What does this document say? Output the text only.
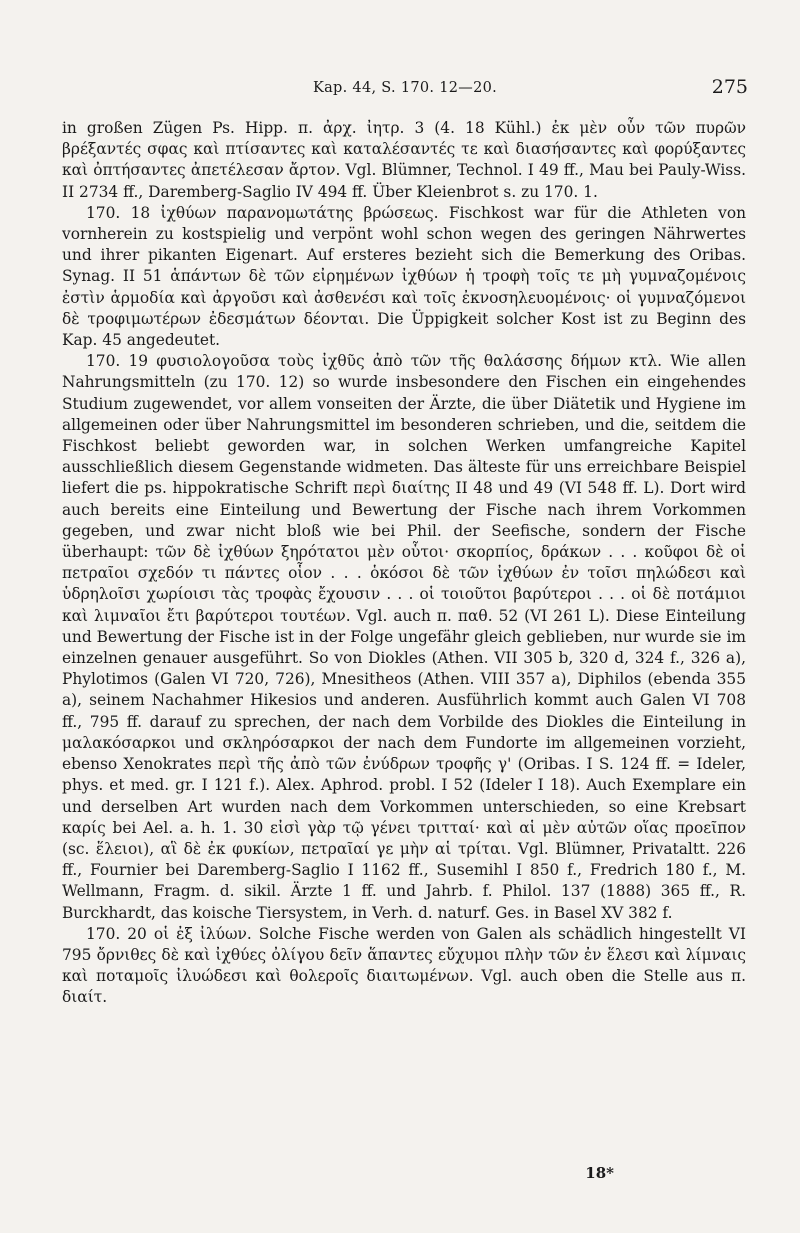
Kap. 44, S. 170. 12—20.	275

in großen Zügen Ps. Hipp. π. ἀρχ. ἰητρ. 3 (4. 18 Kühl.) ἐκ μὲν οὖν τῶν πυρῶν βρέξαντές σφας καὶ πτίσαντες καὶ καταλέσαντές τε καὶ διασήσαντες καὶ φορύξαντες καὶ ὀπτήσαντες ἀπετέλεσαν ἄρτον. Vgl. Blümner, Technol. I 49 ff., Mau bei Pauly-Wiss. II 2734 ff., Daremberg-Saglio IV 494 ff. Über Kleienbrot s. zu 170. 1.

170. 18 ἰχθύων παρανομωτάτης βρώσεως. Fischkost war für die Athleten von vornherein zu kostspielig und verpönt wohl schon wegen des geringen Nährwertes und ihrer pikanten Eigenart. Auf ersteres bezieht sich die Bemerkung des Oribas. Synag. II 51 ἁπάντων δὲ τῶν εἰρημένων ἰχθύων ἡ τροφὴ τοῖς τε μὴ γυμναζομένοις ἐστὶν ἁρμοδία καὶ ἀργοῦσι καὶ ἀσθενέσι καὶ τοῖς ἐκνοσηλευομένοις· οἱ γυμναζόμενοι δὲ τροφιμωτέρων ἐδεσμάτων δέονται. Die Üppigkeit solcher Kost ist zu Beginn des Kap. 45 angedeutet.

170. 19 φυσιολογοῦσα τοὺς ἰχθῦς ἀπὸ τῶν τῆς θαλάσσης δήμων κτλ. Wie allen Nahrungsmitteln (zu 170. 12) so wurde insbesondere den Fischen ein eingehendes Studium zugewendet, vor allem vonseiten der Ärzte, die über Diätetik und Hygiene im allgemeinen oder über Nahrungsmittel im besonderen schrieben, und die, seitdem die Fischkost beliebt geworden war, in solchen Werken umfangreiche Kapitel ausschließlich diesem Gegenstande widmeten. Das älteste für uns erreichbare Beispiel liefert die ps. hippokratische Schrift περὶ διαίτης II 48 und 49 (VI 548 ff. L). Dort wird auch bereits eine Einteilung und Bewertung der Fische nach ihrem Vorkommen gegeben, und zwar nicht bloß wie bei Phil. der Seefische, sondern der Fische überhaupt: τῶν δὲ ἰχθύων ξηρότατοι μὲν οὗτοι· σκορπίος, δράκων . . . κοῦφοι δὲ οἱ πετραῖοι σχεδόν τι πάντες οἷον . . . ὁκόσοι δὲ τῶν ἰχθύων ἐν τοῖσι πηλώδεσι καὶ ὑδρηλοῖσι χωρίοισι τὰς τροφὰς ἔχουσιν . . . οἱ τοιοῦτοι βαρύτεροι . . . οἱ δὲ ποτάμιοι καὶ λιμναῖοι ἔτι βαρύτεροι τουτέων. Vgl. auch π. παθ. 52 (VI 261 L). Diese Einteilung und Bewertung der Fische ist in der Folge ungefähr gleich geblieben, nur wurde sie im einzelnen genauer ausgeführt. So von Diokles (Athen. VII 305 b, 320 d, 324 f., 326 a), Phylotimos (Galen VI 720, 726), Mnesitheos (Athen. VIII 357 a), Diphilos (ebenda 355 a), seinem Nachahmer Hikesios und anderen. Ausführlich kommt auch Galen VI 708 ff., 795 ff. darauf zu sprechen, der nach dem Vorbilde des Diokles die Einteilung in μαλακόσαρκοι und σκληρόσαρκοι der nach dem Fundorte im allgemeinen vorzieht, ebenso Xenokrates περὶ τῆς ἀπὸ τῶν ἐνύδρων τροφῆς γ' (Oribas. I S. 124 ff. = Ideler, phys. et med. gr. I 121 f.). Alex. Aphrod. probl. I 52 (Ideler I 18). Auch Exemplare ein und derselben Art wurden nach dem Vorkommen unterschieden, so eine Krebsart καρίς bei Ael. a. h. 1. 30 εἰσὶ γὰρ τῷ γένει τριτταί· καὶ αἱ μὲν αὐτῶν οἵας προεῖπον (sc. ἕλειοι), αἳ δὲ ἐκ φυκίων, πετραῖαί γε μὴν αἱ τρίται. Vgl. Blümner, Privataltt. 226 ff., Fournier bei Daremberg-Saglio I 1162 ff., Susemihl I 850 f., Fredrich 180 f., M. Wellmann, Fragm. d. sikil. Ärzte 1 ff. und Jahrb. f. Philol. 137 (1888) 365 ff., R. Burckhardt, das koische Tiersystem, in Verh. d. naturf. Ges. in Basel XV 382 f.

170. 20 οἱ ἐξ ἰλύων. Solche Fische werden von Galen als schädlich hingestellt VI 795 ὄρνιθες δὲ καὶ ἰχθύες ὀλίγου δεῖν ἅπαντες εὔχυμοι πλὴν τῶν ἐν ἕλεσι καὶ λίμναις καὶ ποταμοῖς ἰλυώδεσι καὶ θολεροῖς διαιτωμένων. Vgl. auch oben die Stelle aus π. διαίτ.

18*
